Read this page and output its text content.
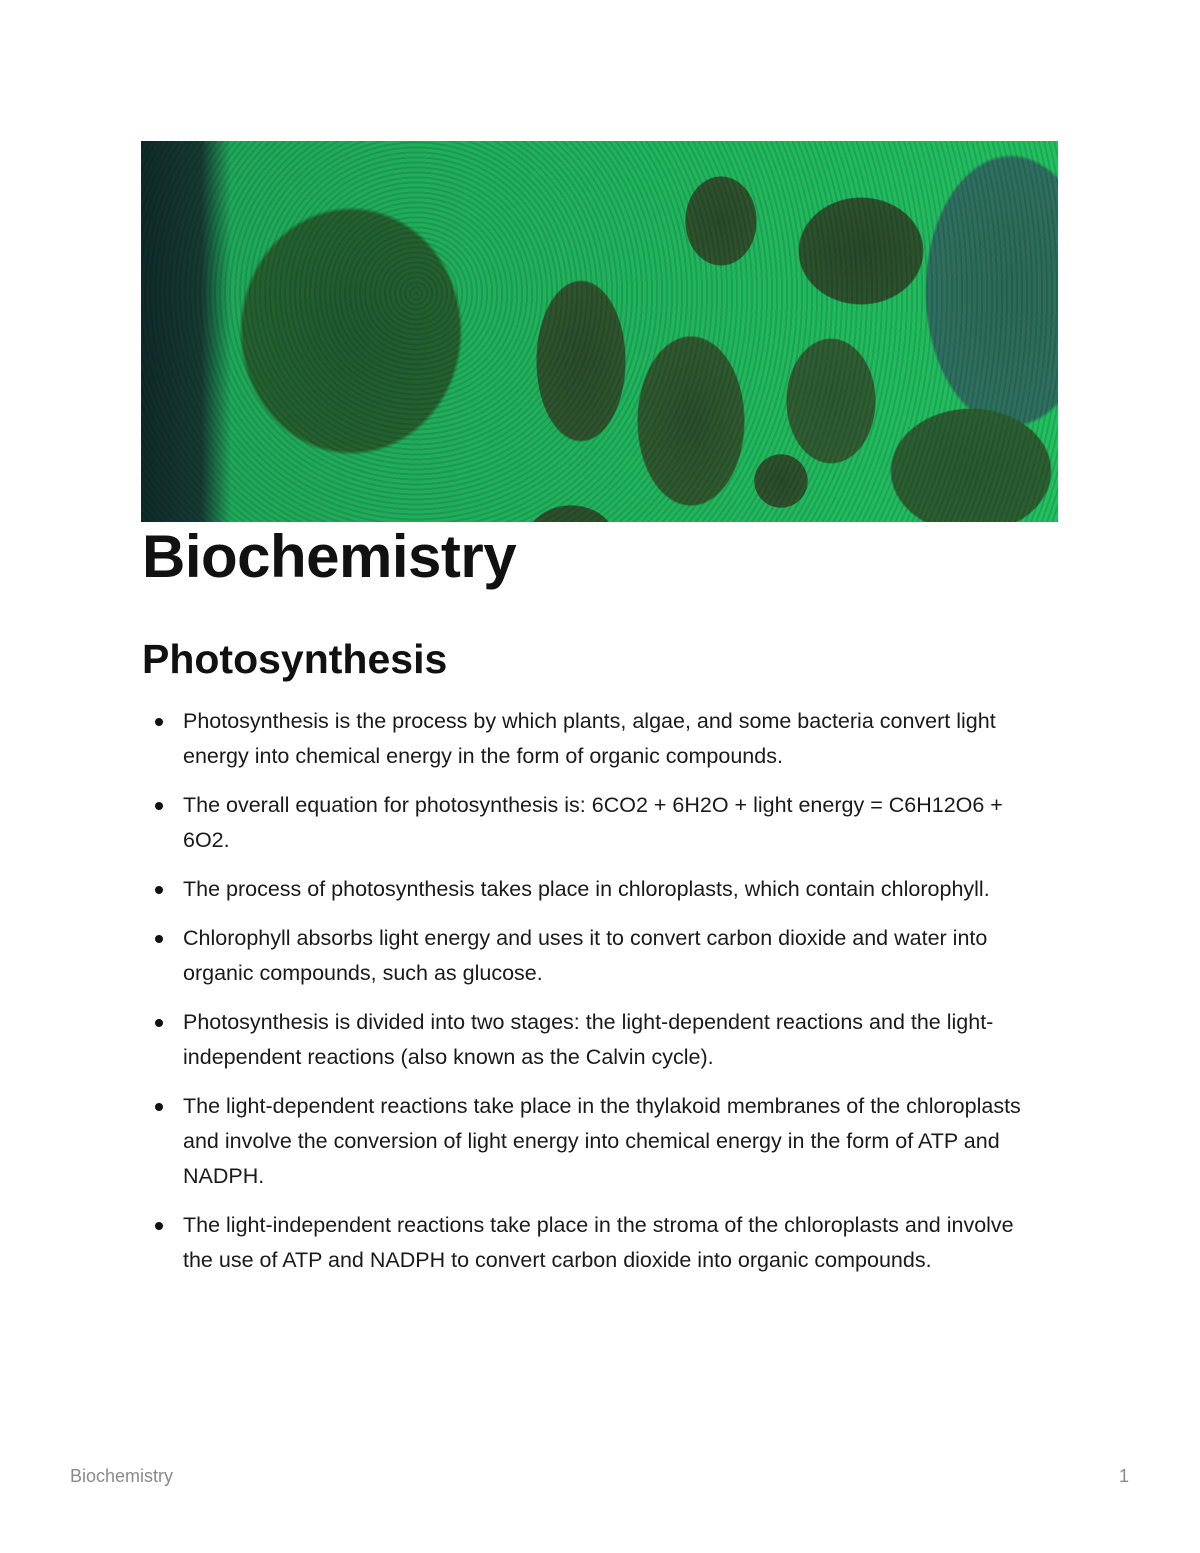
Biochemistry
Photosynthesis
Photosynthesis is the process by which plants, algae, and some bacteria convert light energy into chemical energy in the form of organic compounds.
The overall equation for photosynthesis is: 6CO2 + 6H2O + light energy = C6H12O6 + 6O2.
The process of photosynthesis takes place in chloroplasts, which contain chlorophyll.
Chlorophyll absorbs light energy and uses it to convert carbon dioxide and water into organic compounds, such as glucose.
Photosynthesis is divided into two stages: the light-dependent reactions and the light-independent reactions (also known as the Calvin cycle).
The light-dependent reactions take place in the thylakoid membranes of the chloroplasts and involve the conversion of light energy into chemical energy in the form of ATP and NADPH.
The light-independent reactions take place in the stroma of the chloroplasts and involve the use of ATP and NADPH to convert carbon dioxide into organic compounds.
Biochemistry	1
